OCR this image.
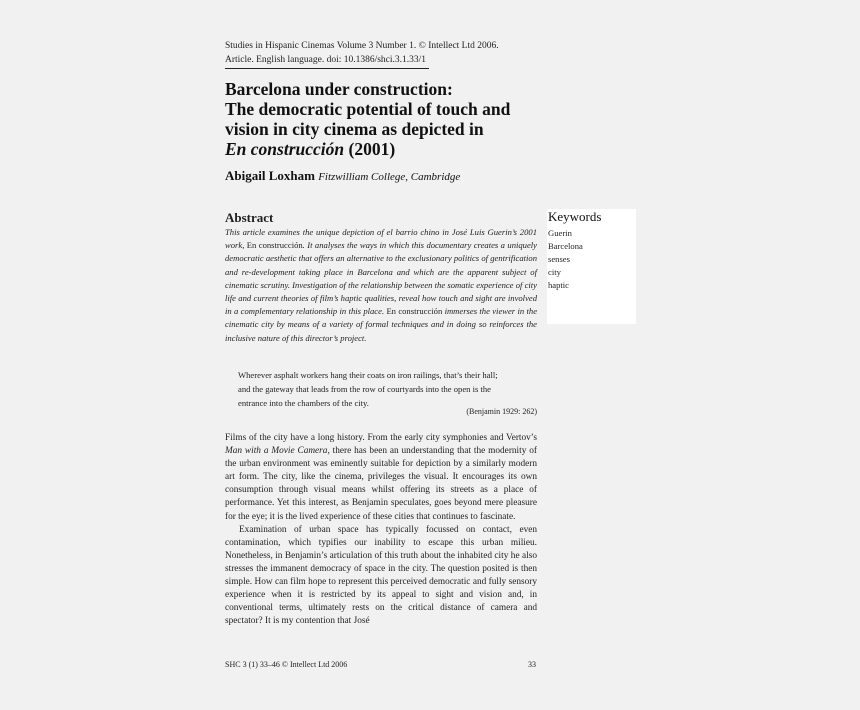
Studies in Hispanic Cinemas Volume 3 Number 1. © Intellect Ltd 2006.
Article. English language. doi: 10.1386/shci.3.1.33/1
Barcelona under construction:
The democratic potential of touch and
vision in city cinema as depicted in
En construcción (2001)
Abigail Loxham Fitzwilliam College, Cambridge
Abstract
This article examines the unique depiction of el barrio chino in José Luis Guerin’s 2001 work, En construcción. It analyses the ways in which this documentary creates a uniquely democratic aesthetic that offers an alternative to the exclusionary politics of gentrification and re-development taking place in Barcelona and which are the apparent subject of cinematic scrutiny. Investigation of the relationship between the somatic experience of city life and current theories of film’s haptic qualities, reveal how touch and sight are involved in a complementary relationship in this place. En construcción immerses the viewer in the cinematic city by means of a variety of formal techniques and in doing so reinforces the inclusive nature of this director’s project.
Keywords
Guerin
Barcelona
senses
city
haptic
Wherever asphalt workers hang their coats on iron railings, that’s their hall;
and the gateway that leads from the row of courtyards into the open is the
entrance into the chambers of the city.
(Benjamin 1929: 262)

Films of the city have a long history. From the early city symphonies and Vertov’s Man with a Movie Camera, there has been an understanding that the modernity of the urban environment was eminently suitable for depiction by a similarly modern art form. The city, like the cinema, privileges the visual. It encourages its own consumption through visual means whilst offering its streets as a place of performance. Yet this interest, as Benjamin speculates, goes beyond mere pleasure for the eye; it is the lived experience of these cities that continues to fascinate.

Examination of urban space has typically focussed on contact, even contamination, which typifies our inability to escape this urban milieu. Nonetheless, in Benjamin’s articulation of this truth about the inhabited city he also stresses the immanent democracy of space in the city. The question posited is then simple. How can film hope to represent this perceived democratic and fully sensory experience when it is restricted by its appeal to sight and vision and, in conventional terms, ultimately rests on the critical distance of camera and spectator? It is my contention that José

SHC 3 (1) 33–46 © Intellect Ltd 2006	33
